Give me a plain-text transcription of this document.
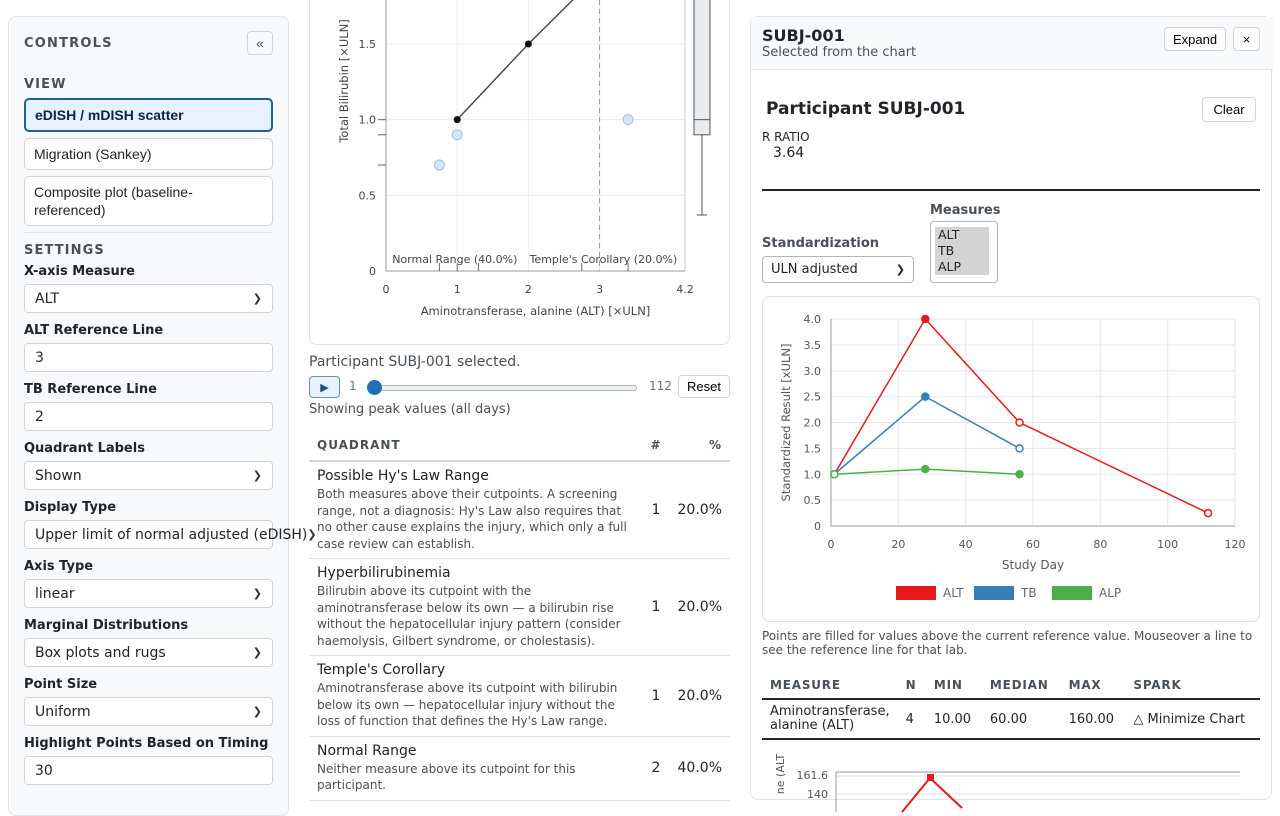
CONTROLS	«
VIEW
eDISH / mDISH scatter
Migration (Sankey)
Composite plot (baseline-referenced)
SETTINGS
X-axis Measure
ALT	❯
ALT Reference Line
3
TB Reference Line
2
Quadrant Labels
Shown	❯
Display Type
Upper limit of normal adjusted (eDISH) ❯
Axis Type
linear	❯
Marginal Distributions
Box plots and rugs	❯
Point Size
Uniform	❯
Highlight Points Based on Timing
30
0	1	2	3	4.2
0
0.5
1.0
1.5
Aminotransferase, alanine (ALT) [×ULN]
Total Bilirubin [×ULN]
Normal Range (40.0%) Temple's Corollary (20.0%)
Participant SUBJ-001 selected.
▶	1	112	Reset
Showing peak values (all days)
QUADRANT	#	%

Possible Hy's Law Range
Both measures above their cutpoints. A screening range, not a diagnosis: Hy's Law also requires that no other cause explains the injury, which only a full case review can establish.	1	20.0%

Hyperbilirubinemia
Bilirubin above its cutpoint with the aminotransferase below its own — a bilirubin rise without the hepatocellular injury pattern (consider haemolysis, Gilbert syndrome, or cholestasis).	1	20.0%

Temple's Corollary
Aminotransferase above its cutpoint with bilirubin below its own — hepatocellular injury without the loss of function that defines the Hy's Law range.	1	20.0%

Normal Range
Neither measure above its cutpoint for this participant.	2	40.0%
SUBJ-001
Selected from the chart
Expand	×
Participant SUBJ-001	Clear
R RATIO
3.64
Standardization
ULN adjusted	❯
Measures
ALT
TB
ALP
0	20	40	60	80	100	120
0
0.5
1.0
1.5
2.0
2.5
3.0
3.5
4.0
Study Day
Standardized Result [xULN]
ALT	TB	ALP
Points are filled for values above the current reference value. Mouseover a line to see the reference line for that lab.
MEASURE	N	MIN	MEDIAN	MAX	SPARK
Aminotransferase, alanine (ALT)	4	10.00	60.00	160.00	△ Minimize Chart
ne (ALT 161.6
140
